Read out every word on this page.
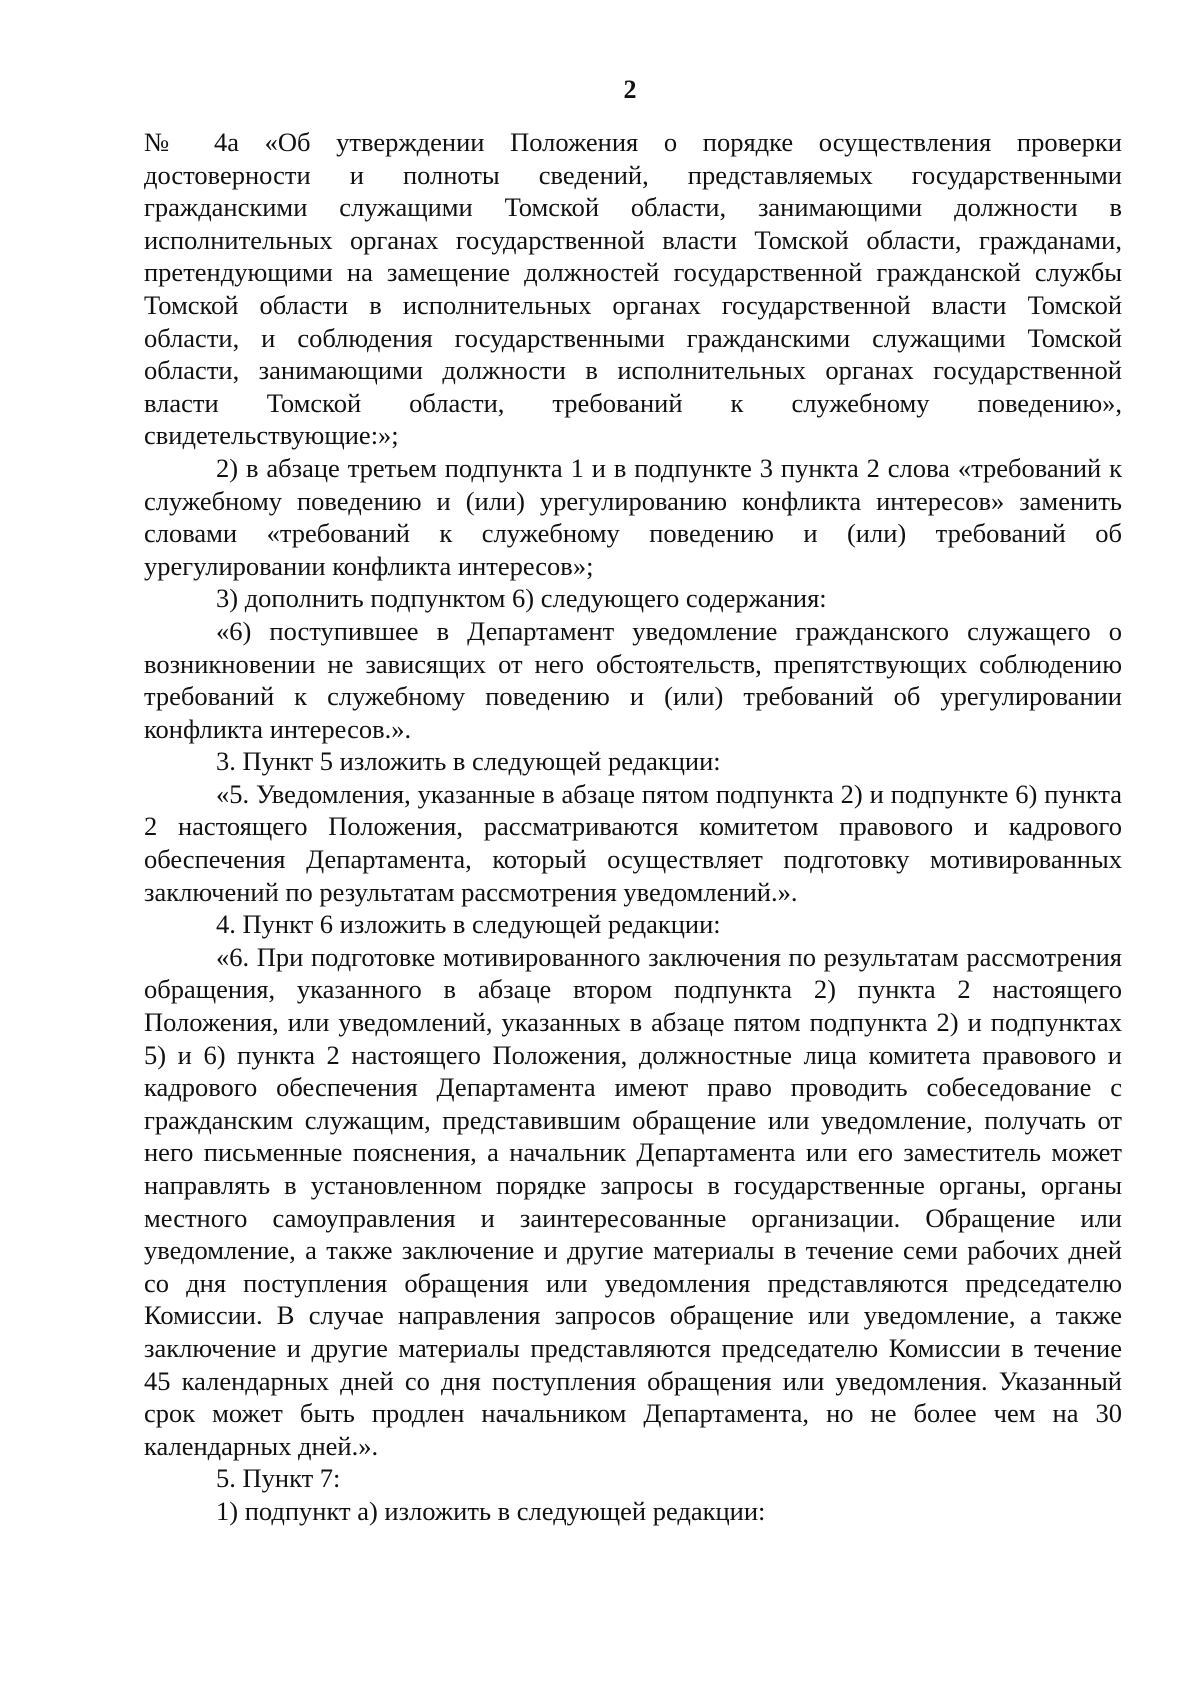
2

№ 4а «Об утверждении Положения о порядке осуществления проверки достоверности и полноты сведений, представляемых государственными гражданскими служащими Томской области, занимающими должности в исполнительных органах государственной власти Томской области, гражданами, претендующими на замещение должностей государственной гражданской службы Томской области в исполнительных органах государственной власти Томской области, и соблюдения государственными гражданскими служащими Томской области, занимающими должности в исполнительных органах государственной власти Томской области, требований к служебному поведению», свидетельствующие:»;

2) в абзаце третьем подпункта 1 и в подпункте 3 пункта 2 слова «требований к служебному поведению и (или) урегулированию конфликта интересов» заменить словами «требований к служебному поведению и (или) требований об урегулировании конфликта интересов»;

3) дополнить подпунктом 6) следующего содержания:

«6) поступившее в Департамент уведомление гражданского служащего о возникновении не зависящих от него обстоятельств, препятствующих соблюдению требований к служебному поведению и (или) требований об урегулировании конфликта интересов.».

3. Пункт 5 изложить в следующей редакции:

«5. Уведомления, указанные в абзаце пятом подпункта 2) и подпункте 6) пункта 2 настоящего Положения, рассматриваются комитетом правового и кадрового обеспечения Департамента, который осуществляет подготовку мотивированных заключений по результатам рассмотрения уведомлений.».

4. Пункт 6 изложить в следующей редакции:

«6. При подготовке мотивированного заключения по результатам рассмотрения обращения, указанного в абзаце втором подпункта 2) пункта 2 настоящего Положения, или уведомлений, указанных в абзаце пятом подпункта 2) и подпунктах 5) и 6) пункта 2 настоящего Положения, должностные лица комитета правового и кадрового обеспечения Департамента имеют право проводить собеседование с гражданским служащим, представившим обращение или уведомление, получать от него письменные пояснения, а начальник Департамента или его заместитель может направлять в установленном порядке запросы в государственные органы, органы местного самоуправления и заинтересованные организации. Обращение или уведомление, а также заключение и другие материалы в течение семи рабочих дней со дня поступления обращения или уведомления представляются председателю Комиссии. В случае направления запросов обращение или уведомление, а также заключение и другие материалы представляются председателю Комиссии в течение 45 календарных дней со дня поступления обращения или уведомления. Указанный срок может быть продлен начальником Департамента, но не более чем на 30 календарных дней.».

5. Пункт 7:

1) подпункт а) изложить в следующей редакции:
